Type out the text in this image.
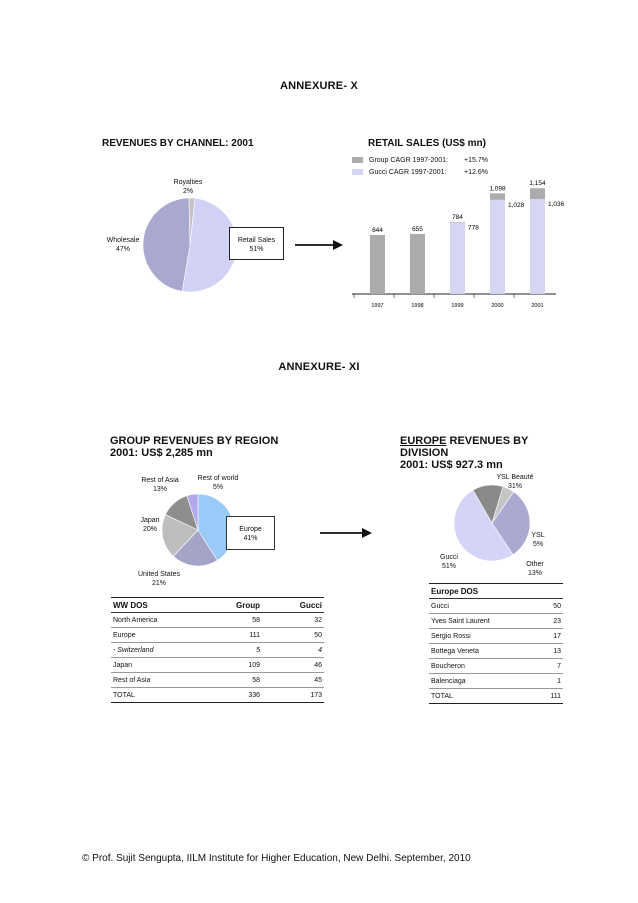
ANNEXURE- X
REVENUES BY CHANNEL: 2001
Royalties
2%
Wholesale
47%
Retail Sales
51%
RETAIL SALES (US$ mn)
Group CAGR 1997-2001:	+15.7%
Gucci CAGR 1997-2001:	+12.6%
644
1997
655
1998
784
778
1999
1,098
1,028
2000
1,154
1,036
2001
ANNEXURE- XI
GROUP REVENUES BY REGION
2001: US$ 2,285 mn
Rest of Asia
13%
Rest of world
5%
Japan
20%	Europe
41%
United States
21%
EUROPE REVENUES BY
DIVISION
2001: US$ 927.3 mn
YSL Beauté
31%
YSL
5%
Other
13%
Gucci
51%
WW DOS	Group	Gucci
North America	58	32
Europe	111	50
- Switzerland	5	4
Japan	109	46
Rest of Asia	58	45
TOTAL	336	173
Europe DOS	
Gucci	50
Yves Saint Laurent	23
Sergio Rossi	17
Bottega Veneta	13
Boucheron	7
Balenciaga	1
TOTAL	111
© Prof. Sujit Sengupta, IILM Institute for Higher Education, New Delhi. September, 2010
